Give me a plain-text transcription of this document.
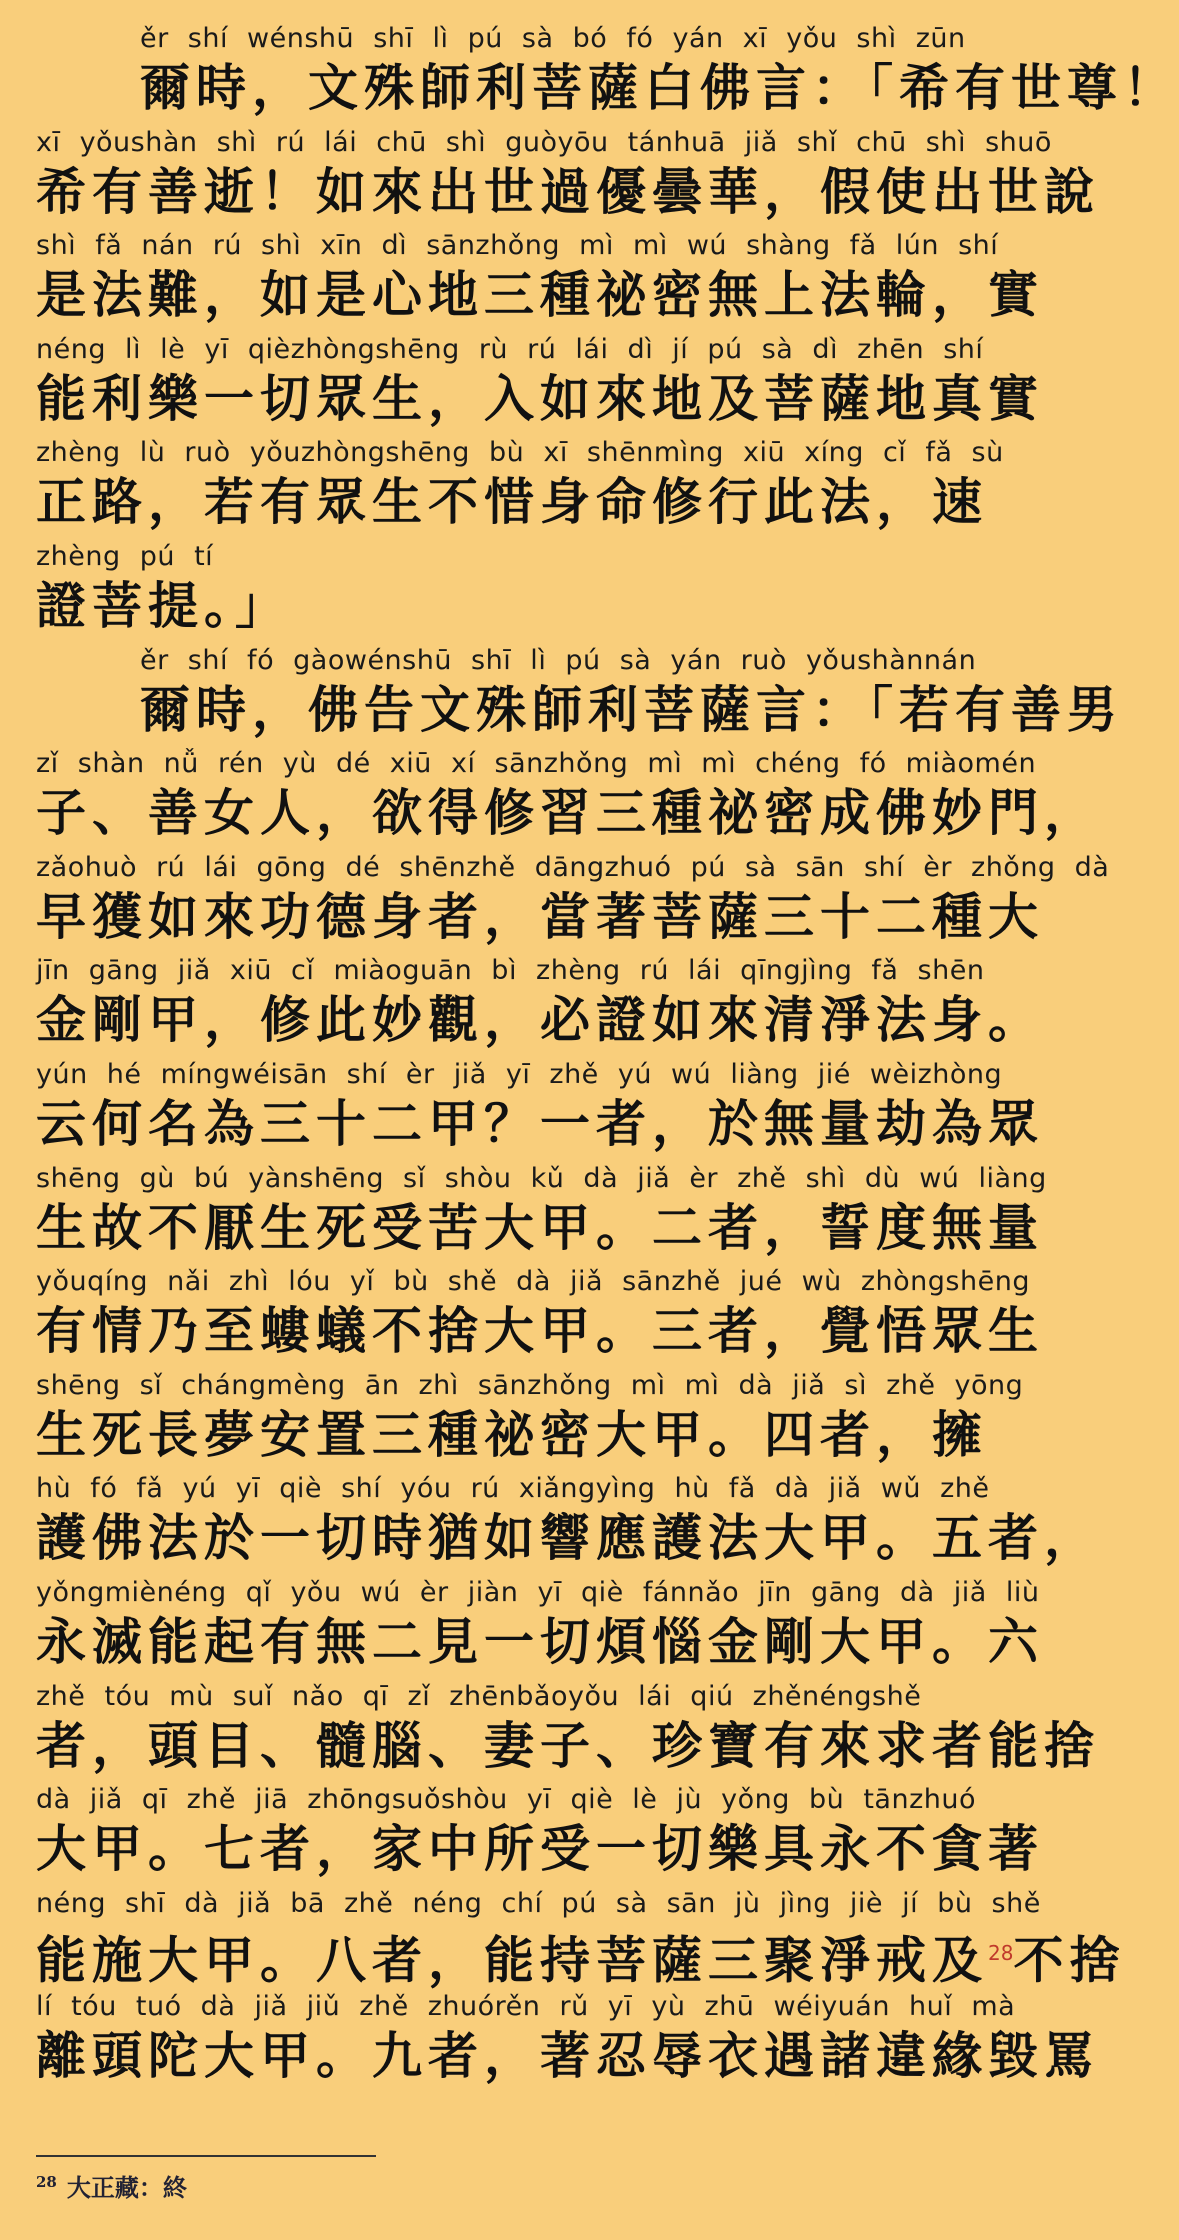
ěr shí wénshū shī lì pú sà bó fó yán xī yǒu shì zūn
爾時，文殊師利菩薩白佛言：「希有世尊！
xī yǒushàn shì rú lái chū shì guòyōu tánhuā jiǎ shǐ chū shì shuō
希有善逝！如來出世過優曇華，假使出世說
shì fǎ nán rú shì xīn dì sānzhǒng mì mì wú shàng fǎ lún shí
是法難，如是心地三種祕密無上法輪，實
néng lì lè yī qièzhòngshēng rù rú lái dì jí pú sà dì zhēn shí
能利樂一切眾生，入如來地及菩薩地真實
zhèng lù ruò yǒuzhòngshēng bù xī shēnmìng xiū xíng cǐ fǎ sù
正路，若有眾生不惜身命修行此法，速
zhèng pú tí
證菩提。」
ěr shí fó gàowénshū shī lì pú sà yán ruò yǒushànnán
爾時，佛告文殊師利菩薩言：「若有善男
zǐ shàn nǚ rén yù dé xiū xí sānzhǒng mì mì chéng fó miàomén
子、善女人，欲得修習三種祕密成佛妙門，
zǎohuò rú lái gōng dé shēnzhě dāngzhuó pú sà sān shí èr zhǒng dà
早獲如來功德身者，當著菩薩三十二種大
jīn gāng jiǎ xiū cǐ miàoguān bì zhèng rú lái qīngjìng fǎ shēn
金剛甲，修此妙觀，必證如來清淨法身。
yún hé míngwéisān shí èr jiǎ yī zhě yú wú liàng jié wèizhòng
云何名為三十二甲？一者，於無量劫為眾
shēng gù bú yànshēng sǐ shòu kǔ dà jiǎ èr zhě shì dù wú liàng
生故不厭生死受苦大甲。二者，誓度無量
yǒuqíng nǎi zhì lóu yǐ bù shě dà jiǎ sānzhě jué wù zhòngshēng
有情乃至螻蟻不捨大甲。三者，覺悟眾生
shēng sǐ chángmèng ān zhì sānzhǒng mì mì dà jiǎ sì zhě yōng
生死長夢安置三種祕密大甲。四者，擁
hù fó fǎ yú yī qiè shí yóu rú xiǎngyìng hù fǎ dà jiǎ wǔ zhě
護佛法於一切時猶如響應護法大甲。五者，
yǒngmiènéng qǐ yǒu wú èr jiàn yī qiè fánnǎo jīn gāng dà jiǎ liù
永滅能起有無二見一切煩惱金剛大甲。六
zhě tóu mù suǐ nǎo qī zǐ zhēnbǎoyǒu lái qiú zhěnéngshě
者，頭目、髓腦、妻子、珍寶有來求者能捨
dà jiǎ qī zhě jiā zhōngsuǒshòu yī qiè lè jù yǒng bù tānzhuó
大甲。七者，家中所受一切樂具永不貪著
néng shī dà jiǎ bā zhě néng chí pú sà sān jù jìng jiè jí bù shě
能施大甲。八者，能持菩薩三聚淨戒及$^{28}$不捨
lí tóu tuó dà jiǎ jiǔ zhě zhuórěn rǔ yī yù zhū wéiyuán huǐ mà
離頭陀大甲。九者，著忍辱衣遇諸違緣毀罵
$^{28}$ 大正藏：終
